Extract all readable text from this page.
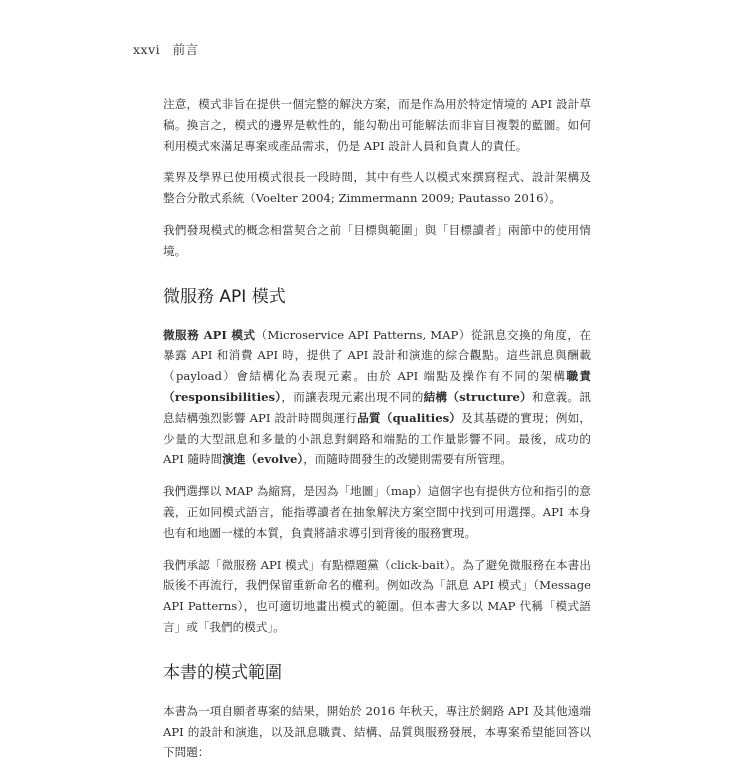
xxvi 前言

注意，模式非旨在提供一個完整的解決方案，而是作為用於特定情境的 API 設計草稿。換言之，模式的邊界是軟性的，能勾勒出可能解法而非盲目複製的藍圖。如何利用模式來滿足專案或產品需求，仍是 API 設計人員和負責人的責任。

業界及學界已使用模式很長一段時間，其中有些人以模式來撰寫程式、設計架構及整合分散式系統（Voelter 2004; Zimmermann 2009; Pautasso 2016）。

我們發現模式的概念相當契合之前「目標與範圍」與「目標讀者」兩節中的使用情境。

微服務 API 模式

微服務 API 模式（Microservice API Patterns, MAP）從訊息交換的角度，在暴露 API 和消費 API 時，提供了 API 設計和演進的綜合觀點。這些訊息與酬載（payload）會結構化為表現元素。由於 API 端點及操作有不同的架構職責（responsibilities），而讓表現元素出現不同的結構（structure）和意義。訊息結構強烈影響 API 設計時間與運行品質（qualities）及其基礎的實現；例如，少量的大型訊息和多量的小訊息對網路和端點的工作量影響不同。最後，成功的 API 隨時間演進（evolve），而隨時間發生的改變則需要有所管理。

我們選擇以 MAP 為縮寫，是因為「地圖」（map）這個字也有提供方位和指引的意義，正如同模式語言，能指導讀者在抽象解決方案空間中找到可用選擇。API 本身也有和地圖一樣的本質，負責將請求導引到背後的服務實現。

我們承認「微服務 API 模式」有點標題黨（click-bait）。為了避免微服務在本書出版後不再流行，我們保留重新命名的權利。例如改為「訊息 API 模式」（Message API Patterns），也可適切地畫出模式的範圍。但本書大多以 MAP 代稱「模式語言」或「我們的模式」。

本書的模式範圍

本書為一項自願者專案的結果，開始於 2016 年秋天，專注於網路 API 及其他遠端 API 的設計和演進，以及訊息職責、結構、品質與服務發展，本專案希望能回答以下問題：
